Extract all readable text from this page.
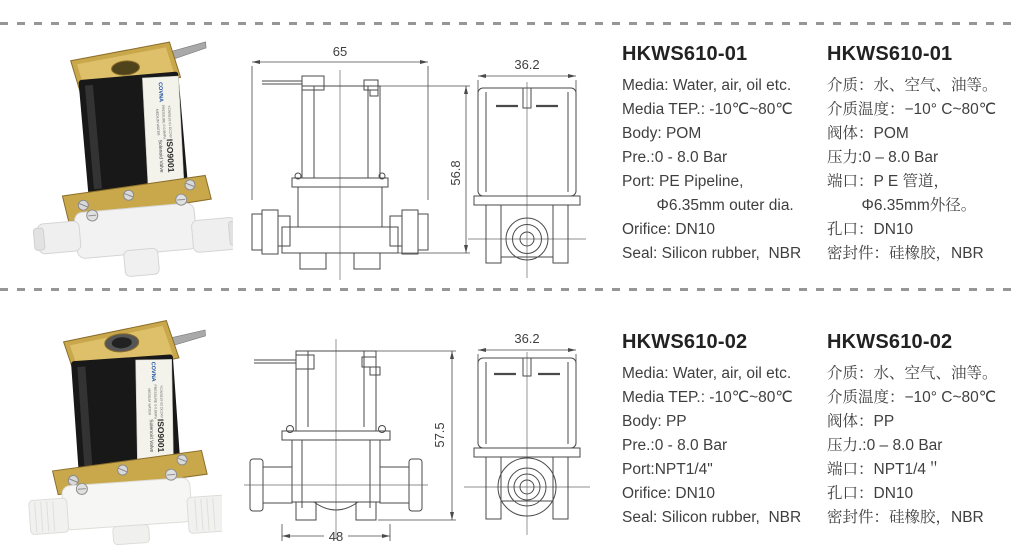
ISO9001
Solenoid Valve
YCWS610-01 DC24V
PRESSURE 0-0.8MPa
MEDIUM WATER
COVNA
65
56.8
36.2	HKWS610-01
Media: Water, air, oil etc.
Media TEP.: -10℃~80℃
Body: POM
Pre.:0 - 8.0 Bar
Port: PE Pipeline,
Φ6.35mm outer dia.
Orifice: DN10
Seal: Silicon rubber,  NBR
HKWS610-01
介质：水、空气、油等。
介质温度：−10° C~80℃
阀体：POM
压力:0 – 8.0 Bar
端口：P E 管道，
Φ6.35mm外径。
孔口：DN10
密封件：硅橡胶，NBR
ISO9001
Solenoid Valve
YCWS610-02 DC24V
PRESSURE 0-0.8MPa
MEDIUM WATER
COVNA
57.5
48
36.2	HKWS610-02
Media: Water, air, oil etc.
Media TEP.: -10℃~80℃
Body: PP
Pre.:0 - 8.0 Bar
Port:NPT1/4"
Orifice: DN10
Seal: Silicon rubber,  NBR
HKWS610-02
介质：水、空气、油等。
介质温度：−10° C~80℃
阀体：PP
压力.:0 – 8.0 Bar
端口：NPT1/4＂
孔口：DN10
密封件：硅橡胶，NBR
